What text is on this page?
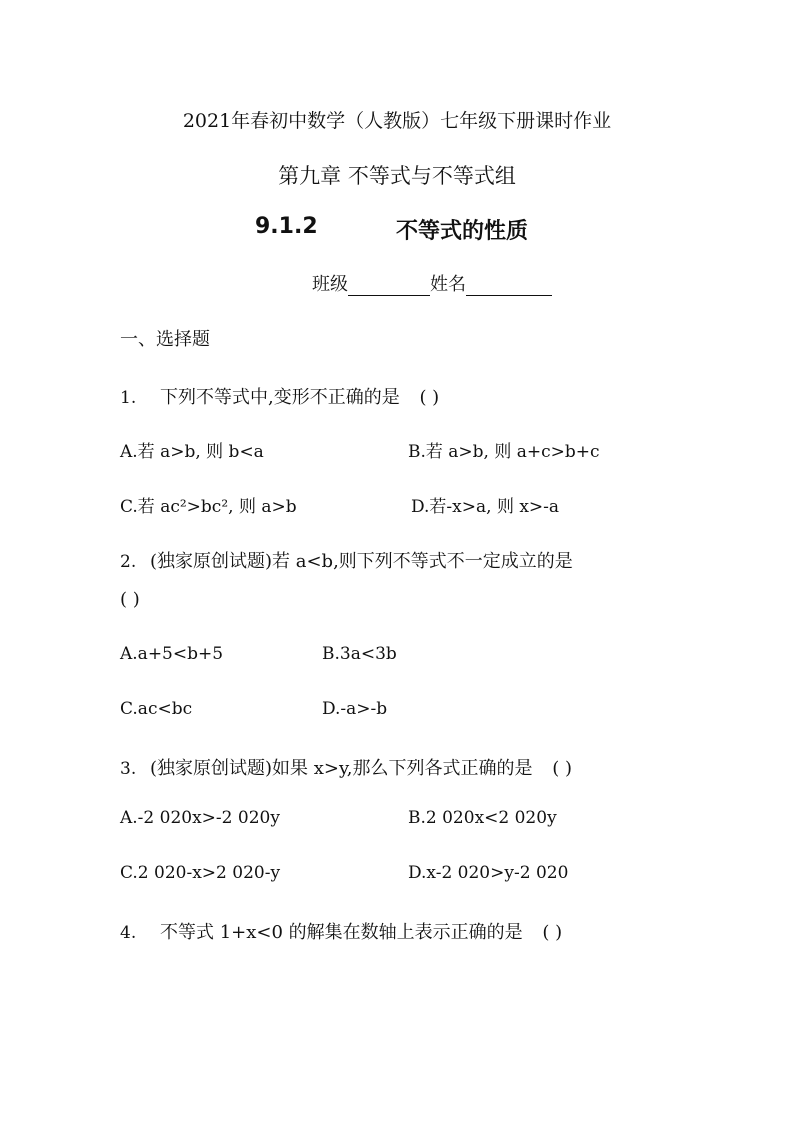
2021年春初中数学（人教版）七年级下册课时作业
第九章 不等式与不等式组
9.1.2	不等式的性质
班级	姓名
一、选择题
1. 下列不等式中,变形不正确的是 ( )
A.若 a>b, 则 b<a	B.若 a>b, 则 a+c>b+c
C.若 ac²>bc², 则 a>b	D.若-x>a, 则 x>-a
2. (独家原创试题)若 a<b,则下列不等式不一定成立的是
( )
A.a+5<b+5	B.3a<3b
C.ac<bc	D.-a>-b
3. (独家原创试题)如果 x>y,那么下列各式正确的是 ( )
A.-2 020x>-2 020y	B.2 020x<2 020y
C.2 020-x>2 020-y	D.x-2 020>y-2 020
4. 不等式 1+x<0 的解集在数轴上表示正确的是 ( )
